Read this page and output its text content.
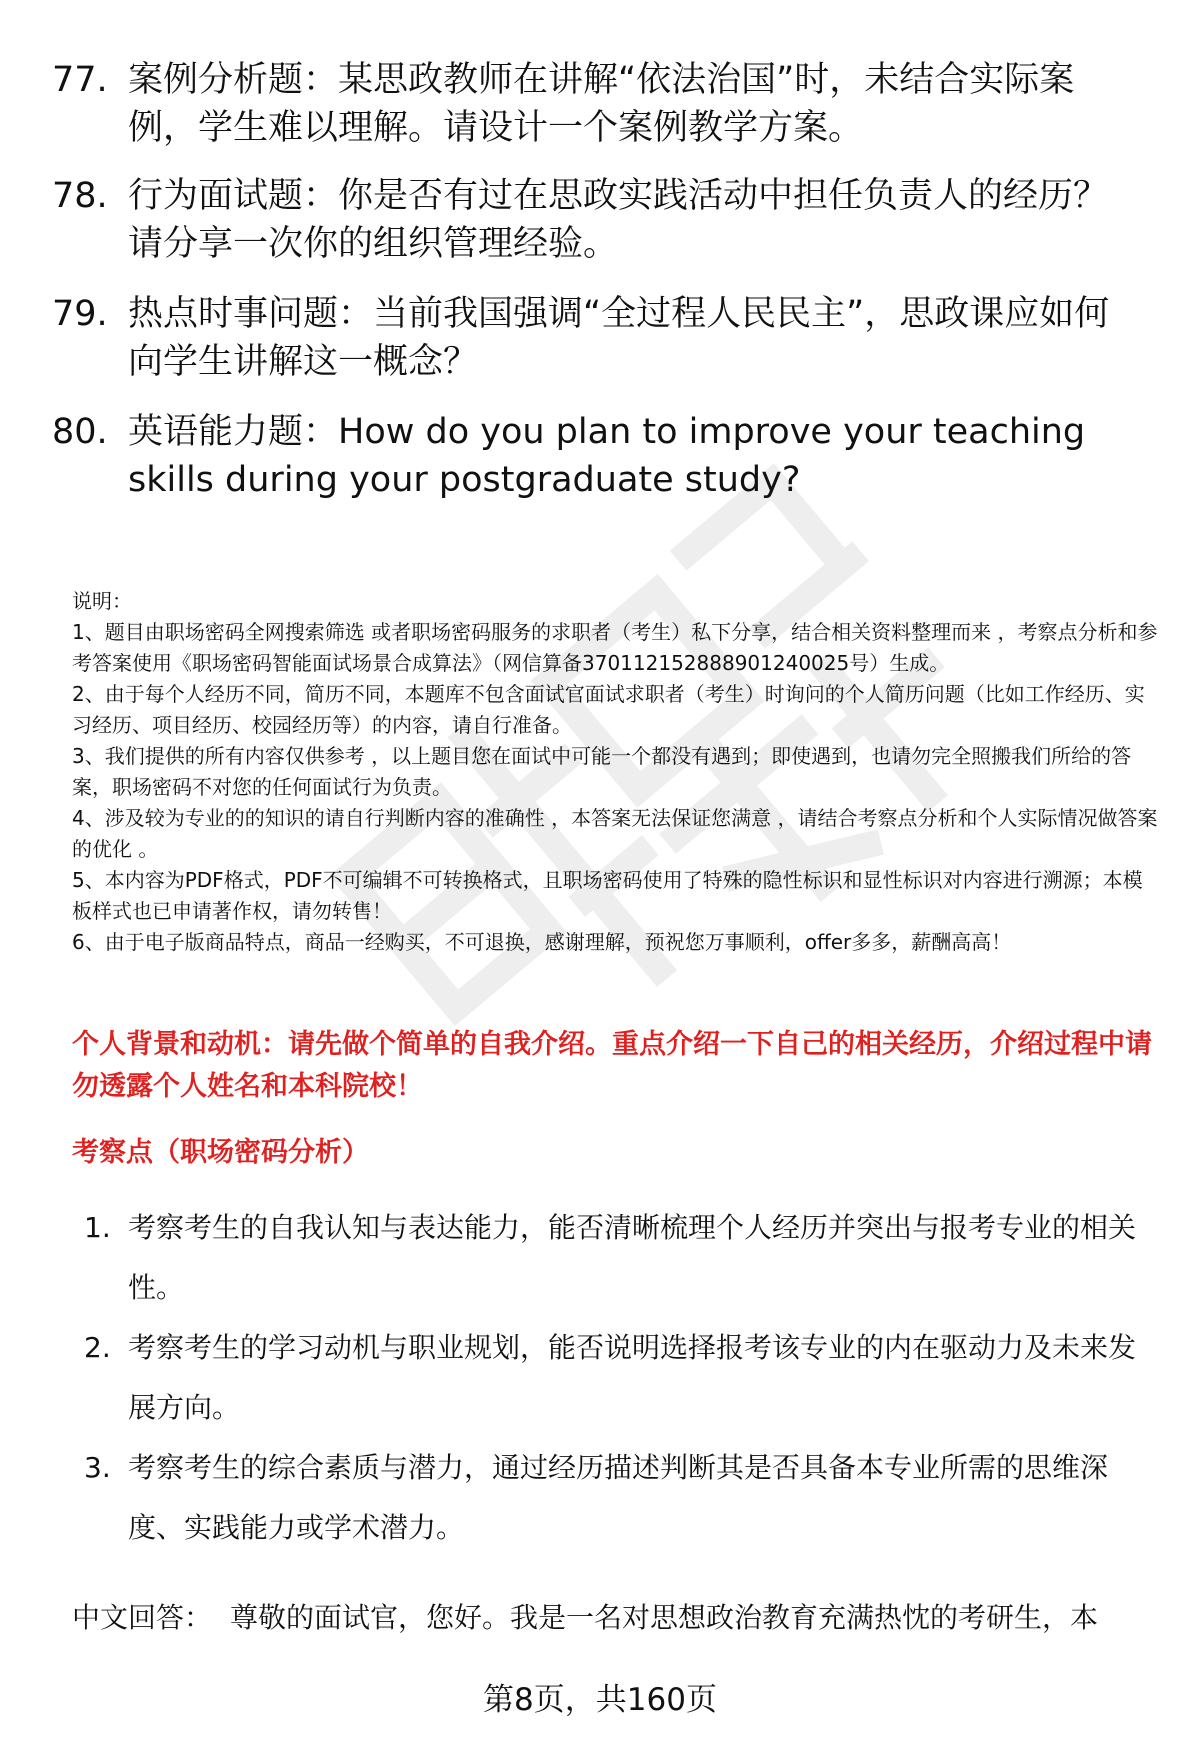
77. 案例分析题：某思政教师在讲解“依法治国”时，未结合实际案例，学生难以理解。请设计一个案例教学方案。
78. 行为面试题：你是否有过在思政实践活动中担任负责人的经历？请分享一次你的组织管理经验。
79. 热点时事问题：当前我国强调“全过程人民民主”，思政课应如何向学生讲解这一概念？
80. 英语能力题：How do you plan to improve your teaching skills during your postgraduate study?

说明：

1、题目由职场密码全网搜索筛选 或者职场密码服务的求职者（考生）私下分享，结合相关资料整理而来 ，考察点分析和参考答案使用《职场密码智能面试场景合成算法》（网信算备370112152888901240025号）生成。

2、由于每个人经历不同，简历不同，本题库不包含面试官面试求职者（考生）时询问的个人简历问题（比如工作经历、实习经历、项目经历、校园经历等）的内容，请自行准备。

3、我们提供的所有内容仅供参考 ，以上题目您在面试中可能一个都没有遇到；即使遇到，也请勿完全照搬我们所给的答案，职场密码不对您的任何面试行为负责。

4、涉及较为专业的的知识的请自行判断内容的准确性 ，本答案无法保证您满意 ，请结合考察点分析和个人实际情况做答案的优化 。

5、本内容为PDF格式，PDF不可编辑不可转换格式，且职场密码使用了特殊的隐性标识和显性标识对内容进行溯源；本模板样式也已申请著作权，请勿转售！

6、由于电子版商品特点，商品一经购买，不可退换，感谢理解，预祝您万事顺利，offer多多，薪酬高高！

个人背景和动机：请先做个简单的自我介绍。重点介绍一下自己的相关经历，介绍过程中请勿透露个人姓名和本科院校！
考察点（职场密码分析）
1. 考察考生的自我认知与表达能力，能否清晰梳理个人经历并突出与报考专业的相关性。
2. 考察考生的学习动机与职业规划，能否说明选择报考该专业的内在驱动力及未来发展方向。
3. 考察考生的综合素质与潜力，通过经历描述判断其是否具备本专业所需的思维深度、实践能力或学术潜力。
中文回答： 尊敬的面试官，您好。我是一名对思想政治教育充满热忱的考研生，本
第8页，共160页
